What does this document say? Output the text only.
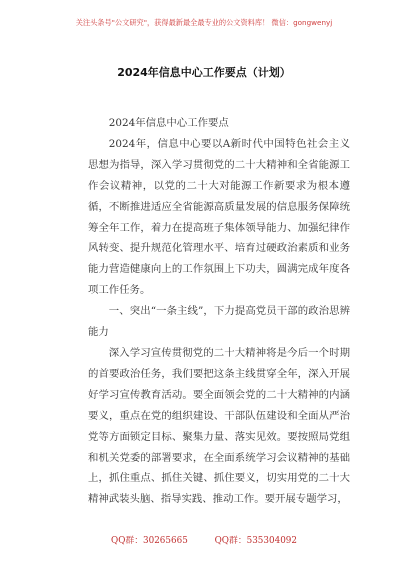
关注头条号"公文研究"，获得最新最全最专业的公文资料库！ 微信：gongwenyj
2024年信息中心工作要点（计划）

2024年信息中心工作要点

2024年，信息中心要以A新时代中国特色社会主义思想为指导，深入学习贯彻党的二十大精神和全省能源工作会议精神，以党的二十大对能源工作新要求为根本遵循，不断推进适应全省能源高质量发展的信息服务保障统筹全年工作，着力在提高班子集体领导能力、加强纪律作风转变、提升规范化管理水平、培育过硬政治素质和业务能力营造健康向上的工作氛围上下功夫，圆满完成年度各项工作任务。

一、突出“一条主线”，下力提高党员干部的政治思辨能力

深入学习宣传贯彻党的二十大精神将是今后一个时期的首要政治任务，我们要把这条主线贯穿全年，深入开展好学习宣传教育活动。要全面领会党的二十大精神的内涵要义，重点在党的组织建设、干部队伍建设和全面从严治党等方面锁定目标、聚集力量、落实见效。要按照局党组和机关党委的部署要求，在全面系统学习会议精神的基础上，抓住重点、抓住关键、抓住要义，切实用党的二十大精神武装头脑、指导实践、推动工作。要开展专题学习，

QQ群：30265665	QQ群：535304092
